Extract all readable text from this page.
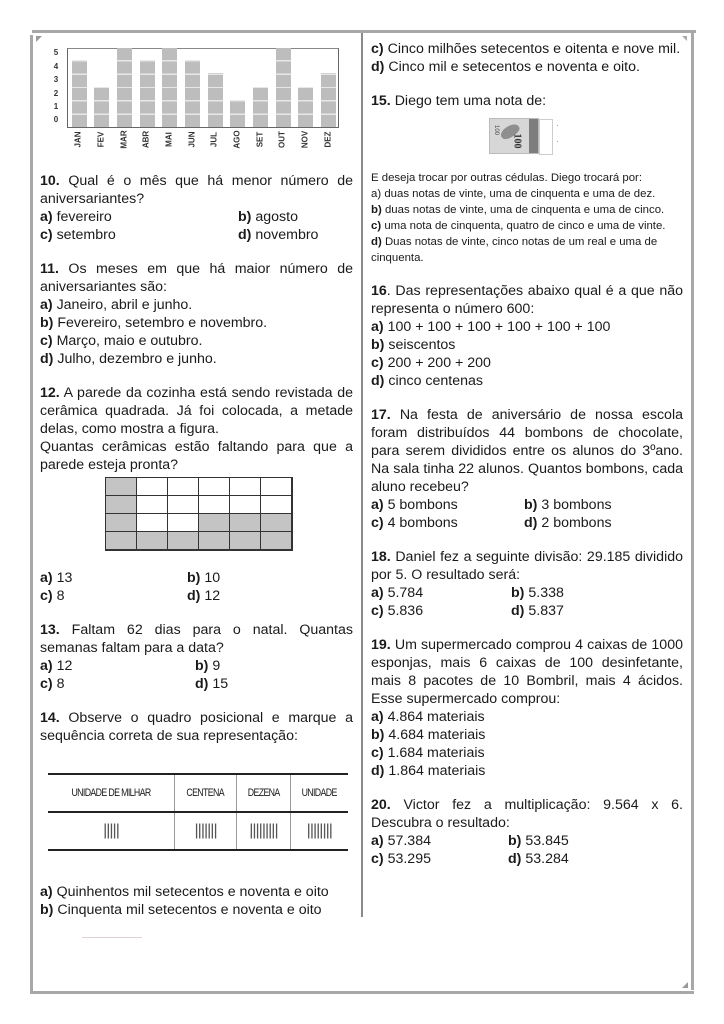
0
1
2
3
4
5
JAN FEV MAR ABR MAI JUN JUL AGO SET OUT NOV DEZ
10. Qual é o mês que há menor número de aniversariantes?
a) fevereiro	b) agosto
c) setembro	d) novembro
11. Os meses em que há maior número de aniversariantes são:
a) Janeiro, abril e junho.
b) Fevereiro, setembro e novembro.
c) Março, maio e outubro.
d) Julho, dezembro e junho.
12. A parede da cozinha está sendo revistada de cerâmica quadrada. Já foi colocada, a metade delas, como mostra a figura.
Quantas cerâmicas estão faltando para que a parede esteja pronta?
a) 13	b) 10
c) 8	d) 12
13. Faltam 62 dias para o natal. Quantas semanas faltam para a data?
a) 12	b) 9
c) 8	d) 15
14. Observe o quadro posicional e marque a sequência correta de sua representação:
UNIDADE DE MILHAR	CENTENA	DEZENA	UNIDADE
|||||	|||||||	|||||||||	||||||||
a) Quinhentos mil setecentos e noventa e oito
b) Cinquenta mil setecentos e noventa e oito
c) Cinco milhões setecentos e oitenta e nove mil.
d) Cinco mil e setecentos e noventa e oito.
15. Diego tem uma nota de:
100
100
·
·
E deseja trocar por outras cédulas. Diego trocará por:
a) duas notas de vinte, uma de cinquenta e uma de dez.
b) duas notas de vinte, uma de cinquenta e uma de cinco.
c) uma nota de cinquenta, quatro de cinco e uma de vinte.
d) Duas notas de vinte, cinco notas de um real e uma de cinquenta.
16. Das representações abaixo qual é a que não representa o número 600:
a) 100 + 100 + 100 + 100 + 100 + 100
b) seiscentos
c) 200 + 200 + 200
d) cinco centenas
17. Na festa de aniversário de nossa escola foram distribuídos 44 bombons de chocolate, para serem divididos entre os alunos do 3ºano. Na sala tinha 22 alunos. Quantos bombons, cada aluno recebeu?
a) 5 bombons	b) 3 bombons
c) 4 bombons	d) 2 bombons
18. Daniel fez a seguinte divisão: 29.185 dividido por 5. O resultado será:
a) 5.784	b) 5.338
c) 5.836	d) 5.837
19. Um supermercado comprou 4 caixas de 1000 esponjas, mais 6 caixas de 100 desinfetante, mais 8 pacotes de 10 Bombril, mais 4 ácidos. Esse supermercado comprou:
a) 4.864 materiais
b) 4.684 materiais
c) 1.684 materiais
d) 1.864 materiais
20. Victor fez a multiplicação: 9.564 x 6. Descubra o resultado:
a) 57.384	b) 53.845
c) 53.295	d) 53.284
